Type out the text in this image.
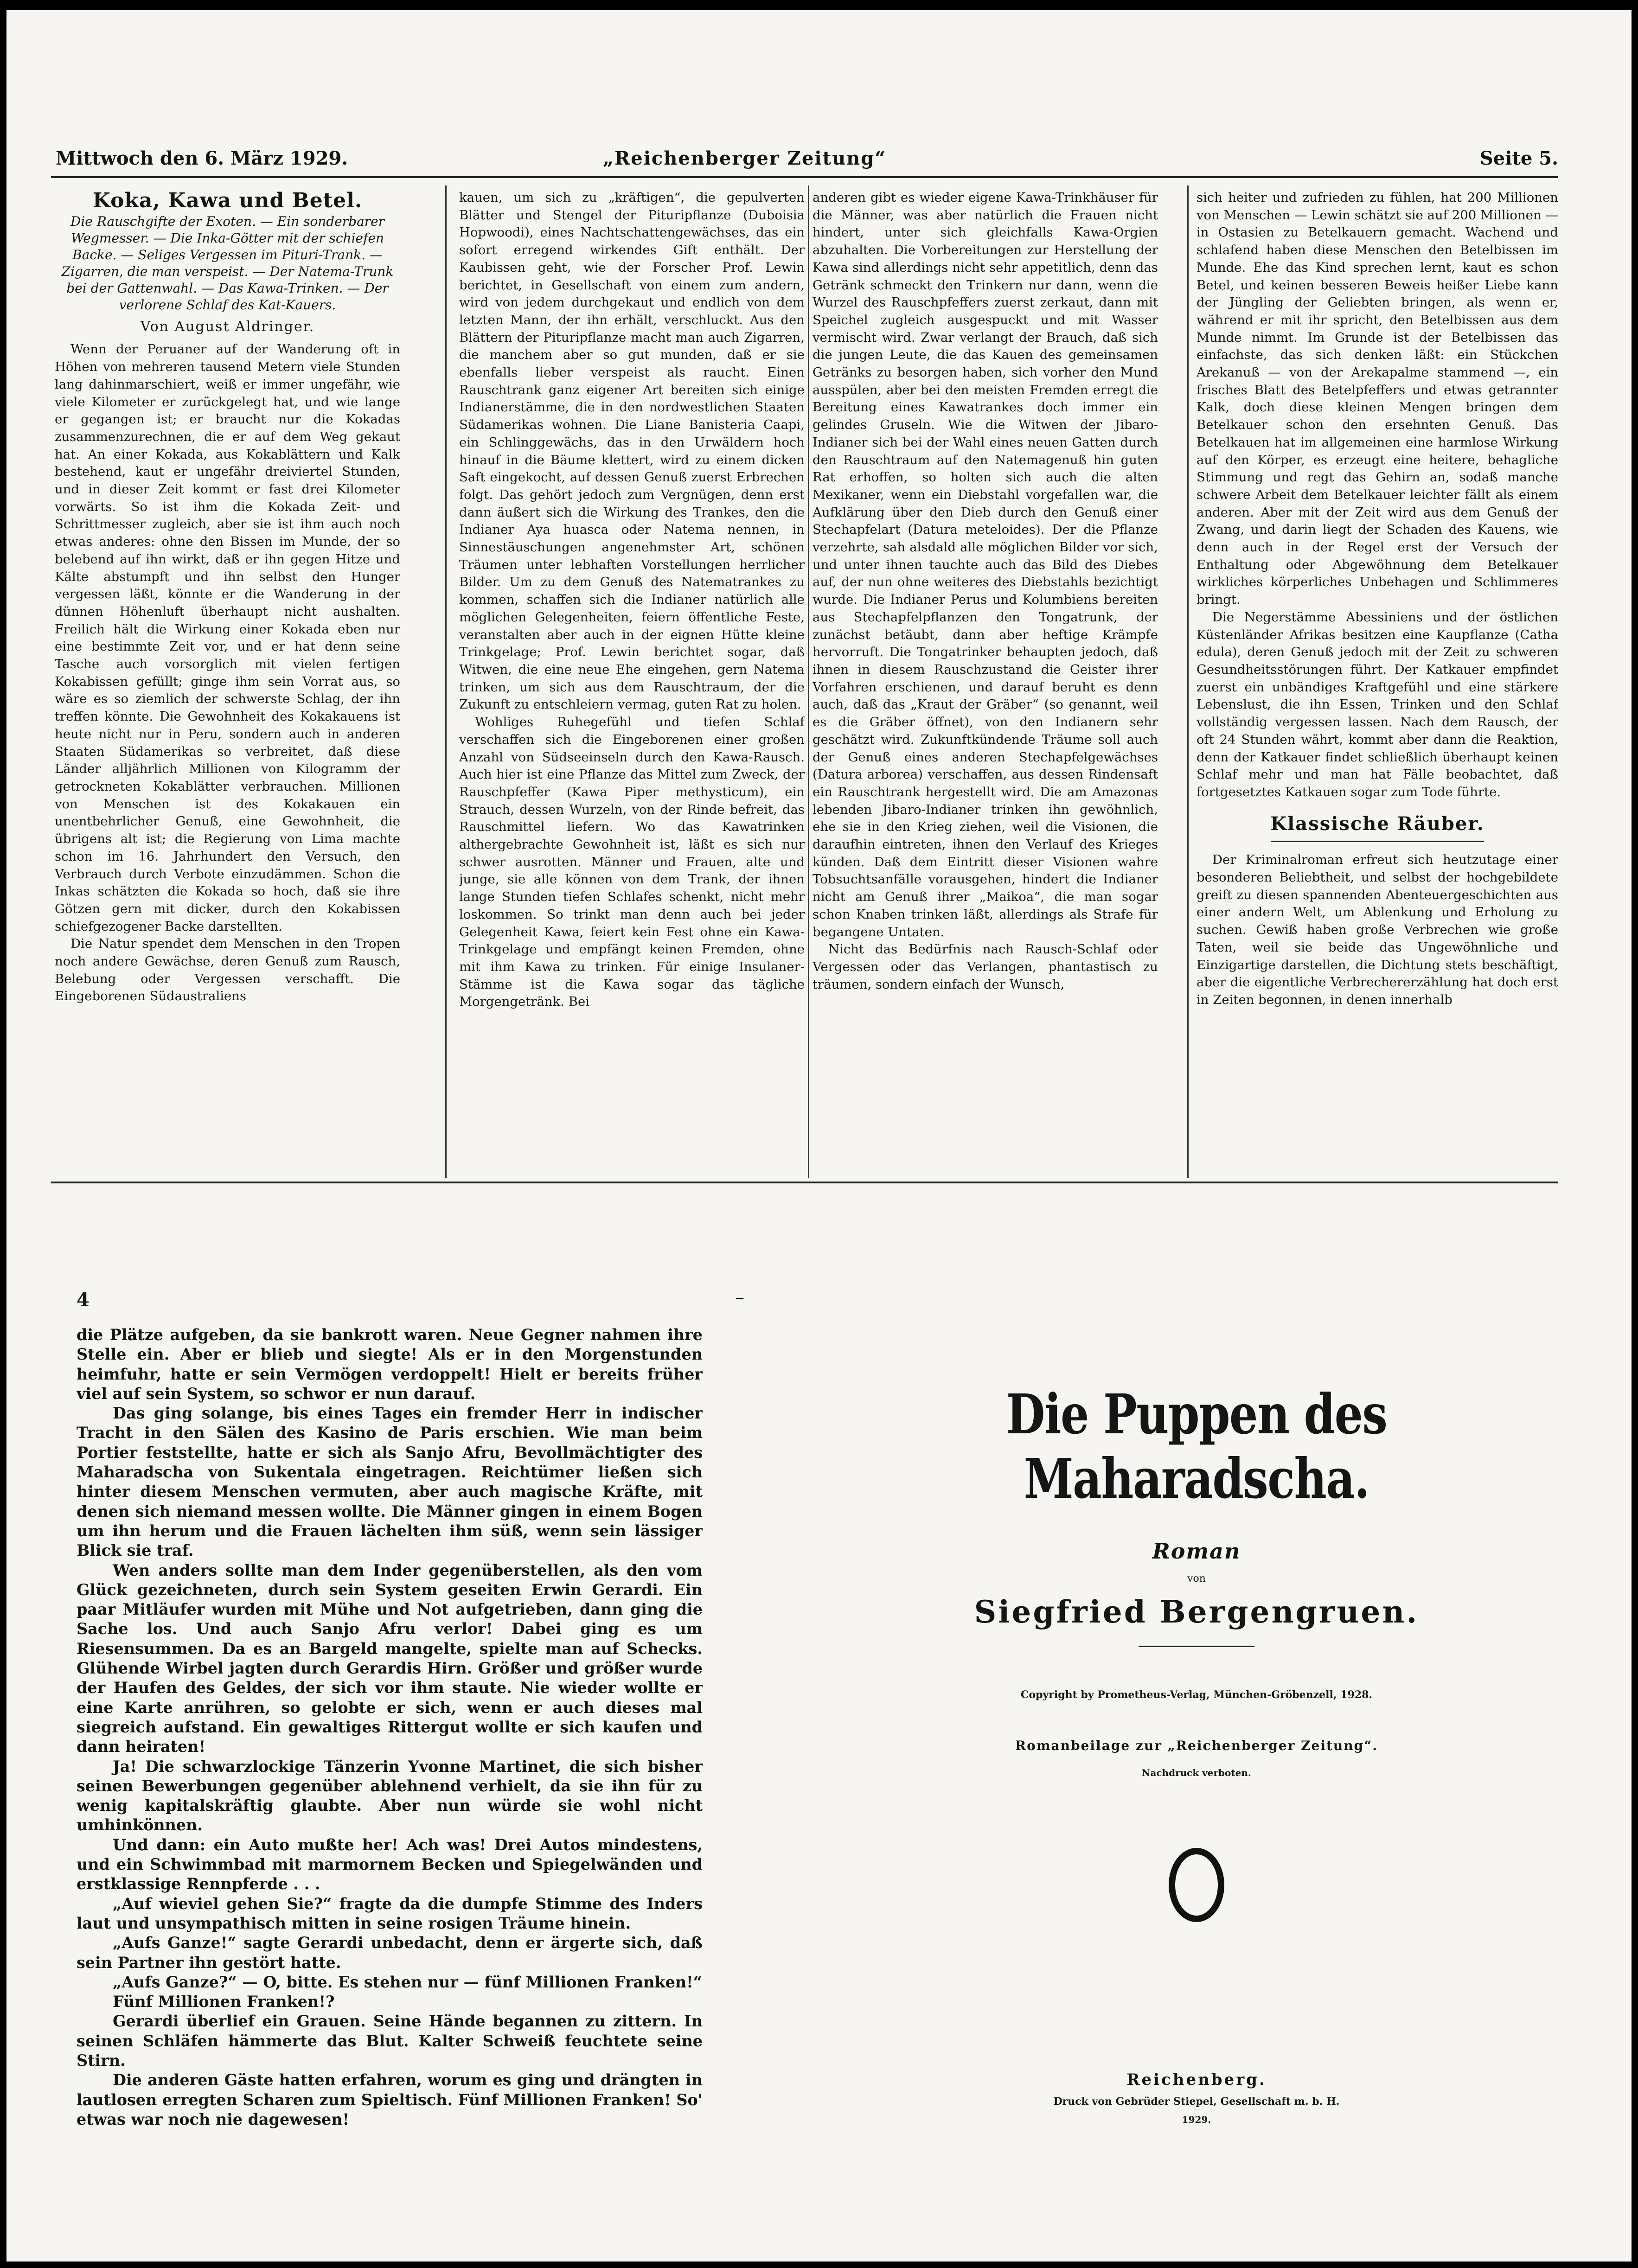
Mittwoch den 6. März 1929.	„Reichenberger Zeitung“	Seite 5.
Koka, Kawa und Betel.
Die Rauschgifte der Exoten. — Ein sonderbarer Wegmesser. — Die Inka-Götter mit der schiefen Backe. — Seliges Vergessen im Pituri-Trank. — Zigarren, die man verspeist. — Der Natema-Trunk bei der Gattenwahl. — Das Kawa-Trinken. — Der verlorene Schlaf des Kat-Kauers.
Von August Aldringer.

Wenn der Peruaner auf der Wanderung oft in Höhen von mehreren tausend Metern viele Stunden lang dahinmarschiert, weiß er immer ungefähr, wie viele Kilometer er zurückgelegt hat, und wie lange er gegangen ist; er braucht nur die Kokadas zusammenzurechnen, die er auf dem Weg gekaut hat. An einer Kokada, aus Kokablättern und Kalk bestehend, kaut er ungefähr dreiviertel Stunden, und in dieser Zeit kommt er fast drei Kilometer vorwärts. So ist ihm die Kokada Zeit- und Schrittmesser zugleich, aber sie ist ihm auch noch etwas anderes: ohne den Bissen im Munde, der so belebend auf ihn wirkt, daß er ihn gegen Hitze und Kälte abstumpft und ihn selbst den Hunger vergessen läßt, könnte er die Wanderung in der dünnen Höhenluft überhaupt nicht aushalten. Freilich hält die Wirkung einer Kokada eben nur eine bestimmte Zeit vor, und er hat denn seine Tasche auch vorsorglich mit vielen fertigen Kokabissen gefüllt; ginge ihm sein Vorrat aus, so wäre es so ziemlich der schwerste Schlag, der ihn treffen könnte. Die Gewohnheit des Kokakauens ist heute nicht nur in Peru, sondern auch in anderen Staaten Südamerikas so verbreitet, daß diese Länder alljährlich Millionen von Kilogramm der getrockneten Kokablätter verbrauchen. Millionen von Menschen ist des Kokakauen ein unentbehrlicher Genuß, eine Gewohnheit, die übrigens alt ist; die Regierung von Lima machte schon im 16. Jahrhundert den Versuch, den Verbrauch durch Verbote einzudämmen. Schon die Inkas schätzten die Kokada so hoch, daß sie ihre Götzen gern mit dicker, durch den Kokabissen schiefgezogener Backe darstellten.

Die Natur spendet dem Menschen in den Tropen noch andere Gewächse, deren Genuß zum Rausch, Belebung oder Vergessen verschafft. Die Eingeborenen Südaustraliens

kauen, um sich zu „kräftigen“, die gepulverten Blätter und Stengel der Pituripflanze (Duboisia Hopwoodi), eines Nachtschattengewächses, das ein sofort erregend wirkendes Gift enthält. Der Kaubissen geht, wie der Forscher Prof. Lewin berichtet, in Gesellschaft von einem zum andern, wird von jedem durchgekaut und endlich von dem letzten Mann, der ihn erhält, verschluckt. Aus den Blättern der Pituripflanze macht man auch Zigarren, die manchem aber so gut munden, daß er sie ebenfalls lieber verspeist als raucht. Einen Rauschtrank ganz eigener Art bereiten sich einige Indianerstämme, die in den nordwestlichen Staaten Südamerikas wohnen. Die Liane Banisteria Caapi, ein Schlinggewächs, das in den Urwäldern hoch hinauf in die Bäume klettert, wird zu einem dicken Saft eingekocht, auf dessen Genuß zuerst Erbrechen folgt. Das gehört jedoch zum Vergnügen, denn erst dann äußert sich die Wirkung des Trankes, den die Indianer Aya huasca oder Natema nennen, in Sinnestäuschungen angenehmster Art, schönen Träumen unter lebhaften Vorstellungen herrlicher Bilder. Um zu dem Genuß des Natematrankes zu kommen, schaffen sich die Indianer natürlich alle möglichen Gelegenheiten, feiern öffentliche Feste, veranstalten aber auch in der eignen Hütte kleine Trinkgelage; Prof. Lewin berichtet sogar, daß Witwen, die eine neue Ehe eingehen, gern Natema trinken, um sich aus dem Rauschtraum, der die Zukunft zu entschleiern vermag, guten Rat zu holen.

Wohliges Ruhegefühl und tiefen Schlaf verschaffen sich die Eingeborenen einer großen Anzahl von Südseeinseln durch den Kawa-Rausch. Auch hier ist eine Pflanze das Mittel zum Zweck, der Rauschpfeffer (Kawa Piper methysticum), ein Strauch, dessen Wurzeln, von der Rinde befreit, das Rauschmittel liefern. Wo das Kawatrinken althergebrachte Gewohnheit ist, läßt es sich nur schwer ausrotten. Männer und Frauen, alte und junge, sie alle können von dem Trank, der ihnen lange Stunden tiefen Schlafes schenkt, nicht mehr loskommen. So trinkt man denn auch bei jeder Gelegenheit Kawa, feiert kein Fest ohne ein Kawa-Trinkgelage und empfängt keinen Fremden, ohne mit ihm Kawa zu trinken. Für einige Insulaner-Stämme ist die Kawa sogar das tägliche Morgengetränk. Bei

anderen gibt es wieder eigene Kawa-Trinkhäuser für die Männer, was aber natürlich die Frauen nicht hindert, unter sich gleichfalls Kawa-Orgien abzuhalten. Die Vorbereitungen zur Herstellung der Kawa sind allerdings nicht sehr appetitlich, denn das Getränk schmeckt den Trinkern nur dann, wenn die Wurzel des Rauschpfeffers zuerst zerkaut, dann mit Speichel zugleich ausgespuckt und mit Wasser vermischt wird. Zwar verlangt der Brauch, daß sich die jungen Leute, die das Kauen des gemeinsamen Getränks zu besorgen haben, sich vorher den Mund ausspülen, aber bei den meisten Fremden erregt die Bereitung eines Kawatrankes doch immer ein gelindes Gruseln. Wie die Witwen der Jibaro-Indianer sich bei der Wahl eines neuen Gatten durch den Rauschtraum auf den Natemagenuß hin guten Rat erhoffen, so holten sich auch die alten Mexikaner, wenn ein Diebstahl vorgefallen war, die Aufklärung über den Dieb durch den Genuß einer Stechapfelart (Datura meteloides). Der die Pflanze verzehrte, sah alsdald alle möglichen Bilder vor sich, und unter ihnen tauchte auch das Bild des Diebes auf, der nun ohne weiteres des Diebstahls bezichtigt wurde. Die Indianer Perus und Kolumbiens bereiten aus Stechapfelpflanzen den Tongatrunk, der zunächst betäubt, dann aber heftige Krämpfe hervorruft. Die Tongatrinker behaupten jedoch, daß ihnen in diesem Rauschzustand die Geister ihrer Vorfahren erschienen, und darauf beruht es denn auch, daß das „Kraut der Gräber“ (so genannt, weil es die Gräber öffnet), von den Indianern sehr geschätzt wird. Zukunftkündende Träume soll auch der Genuß eines anderen Stechapfelgewächses (Datura arborea) verschaffen, aus dessen Rindensaft ein Rauschtrank hergestellt wird. Die am Amazonas lebenden Jibaro-Indianer trinken ihn gewöhnlich, ehe sie in den Krieg ziehen, weil die Visionen, die daraufhin eintreten, ihnen den Verlauf des Krieges künden. Daß dem Eintritt dieser Visionen wahre Tobsuchtsanfälle vorausgehen, hindert die Indianer nicht am Genuß ihrer „Maikoa“, die man sogar schon Knaben trinken läßt, allerdings als Strafe für begangene Untaten.

Nicht das Bedürfnis nach Rausch-Schlaf oder Vergessen oder das Verlangen, phantastisch zu träumen, sondern einfach der Wunsch,

sich heiter und zufrieden zu fühlen, hat 200 Millionen von Menschen — Lewin schätzt sie auf 200 Millionen — in Ostasien zu Betelkauern gemacht. Wachend und schlafend haben diese Menschen den Betelbissen im Munde. Ehe das Kind sprechen lernt, kaut es schon Betel, und keinen besseren Beweis heißer Liebe kann der Jüngling der Geliebten bringen, als wenn er, während er mit ihr spricht, den Betelbissen aus dem Munde nimmt. Im Grunde ist der Betelbissen das einfachste, das sich denken läßt: ein Stückchen Arekanuß — von der Arekapalme stammend —, ein frisches Blatt des Betelpfeffers und etwas getrannter Kalk, doch diese kleinen Mengen bringen dem Betelkauer schon den ersehnten Genuß. Das Betelkauen hat im allgemeinen eine harmlose Wirkung auf den Körper, es erzeugt eine heitere, behagliche Stimmung und regt das Gehirn an, sodaß manche schwere Arbeit dem Betelkauer leichter fällt als einem anderen. Aber mit der Zeit wird aus dem Genuß der Zwang, und darin liegt der Schaden des Kauens, wie denn auch in der Regel erst der Versuch der Enthaltung oder Abgewöhnung dem Betelkauer wirkliches körperliches Unbehagen und Schlimmeres bringt.

Die Negerstämme Abessiniens und der östlichen Küstenländer Afrikas besitzen eine Kaupflanze (Catha edula), deren Genuß jedoch mit der Zeit zu schweren Gesundheitsstörungen führt. Der Katkauer empfindet zuerst ein unbändiges Kraftgefühl und eine stärkere Lebenslust, die ihn Essen, Trinken und den Schlaf vollständig vergessen lassen. Nach dem Rausch, der oft 24 Stunden währt, kommt aber dann die Reaktion, denn der Katkauer findet schließlich überhaupt keinen Schlaf mehr und man hat Fälle beobachtet, daß fortgesetztes Katkauen sogar zum Tode führte.

Klassische Räuber.

Der Kriminalroman erfreut sich heutzutage einer besonderen Beliebtheit, und selbst der hochgebildete greift zu diesen spannenden Abenteuergeschichten aus einer andern Welt, um Ablenkung und Erholung zu suchen. Gewiß haben große Verbrechen wie große Taten, weil sie beide das Ungewöhnliche und Einzigartige darstellen, die Dichtung stets beschäftigt, aber die eigentliche Verbrechererzählung hat doch erst in Zeiten begonnen, in denen innerhalb

4	–

die Plätze aufgeben, da sie bankrott waren. Neue Gegner nahmen ihre Stelle ein. Aber er blieb und siegte! Als er in den Morgenstunden heimfuhr, hatte er sein Vermögen verdoppelt! Hielt er bereits früher viel auf sein System, so schwor er nun darauf.

Das ging solange, bis eines Tages ein fremder Herr in indischer Tracht in den Sälen des Kasino de Paris erschien. Wie man beim Portier feststellte, hatte er sich als Sanjo Afru, Bevollmächtigter des Maharadscha von Sukentala eingetragen. Reichtümer ließen sich hinter diesem Menschen vermuten, aber auch magische Kräfte, mit denen sich niemand messen wollte. Die Männer gingen in einem Bogen um ihn herum und die Frauen lächelten ihm süß, wenn sein lässiger Blick sie traf.

Wen anders sollte man dem Inder gegenüberstellen, als den vom Glück gezeichneten, durch sein System geseiten Erwin Gerardi. Ein paar Mitläufer wurden mit Mühe und Not aufgetrieben, dann ging die Sache los. Und auch Sanjo Afru verlor! Dabei ging es um Riesensummen. Da es an Bargeld mangelte, spielte man auf Schecks. Glühende Wirbel jagten durch Gerardis Hirn. Größer und größer wurde der Haufen des Geldes, der sich vor ihm staute. Nie wieder wollte er eine Karte anrühren, so gelobte er sich, wenn er auch dieses mal siegreich aufstand. Ein gewaltiges Rittergut wollte er sich kaufen und dann heiraten!

Ja! Die schwarzlockige Tänzerin Yvonne Martinet, die sich bisher seinen Bewerbungen gegenüber ablehnend verhielt, da sie ihn für zu wenig kapitalskräftig glaubte. Aber nun würde sie wohl nicht umhinkönnen.

Und dann: ein Auto mußte her! Ach was! Drei Autos mindestens, und ein Schwimmbad mit marmornem Becken und Spiegelwänden und erstklassige Rennpferde . . .

„Auf wieviel gehen Sie?“ fragte da die dumpfe Stimme des Inders laut und unsympathisch mitten in seine rosigen Träume hinein.

„Aufs Ganze!“ sagte Gerardi unbedacht, denn er ärgerte sich, daß sein Partner ihn gestört hatte.

„Aufs Ganze?“ — O, bitte. Es stehen nur — fünf Millionen Franken!“

Fünf Millionen Franken!?

Gerardi überlief ein Grauen. Seine Hände begannen zu zittern. In seinen Schläfen hämmerte das Blut. Kalter Schweiß feuchtete seine Stirn.

Die anderen Gäste hatten erfahren, worum es ging und drängten in lautlosen erregten Scharen zum Spieltisch. Fünf Millionen Franken! So' etwas war noch nie dagewesen!

Die Puppen des Maharadscha.
Roman
von
Siegfried Bergengruen.
Copyright by Prometheus-Verlag, München-Gröbenzell, 1928.
Romanbeilage zur „Reichenberger Zeitung“.
Nachdruck verboten.
Reichenberg.
Druck von Gebrüder Stiepel, Gesellschaft m. b. H.
1929.
